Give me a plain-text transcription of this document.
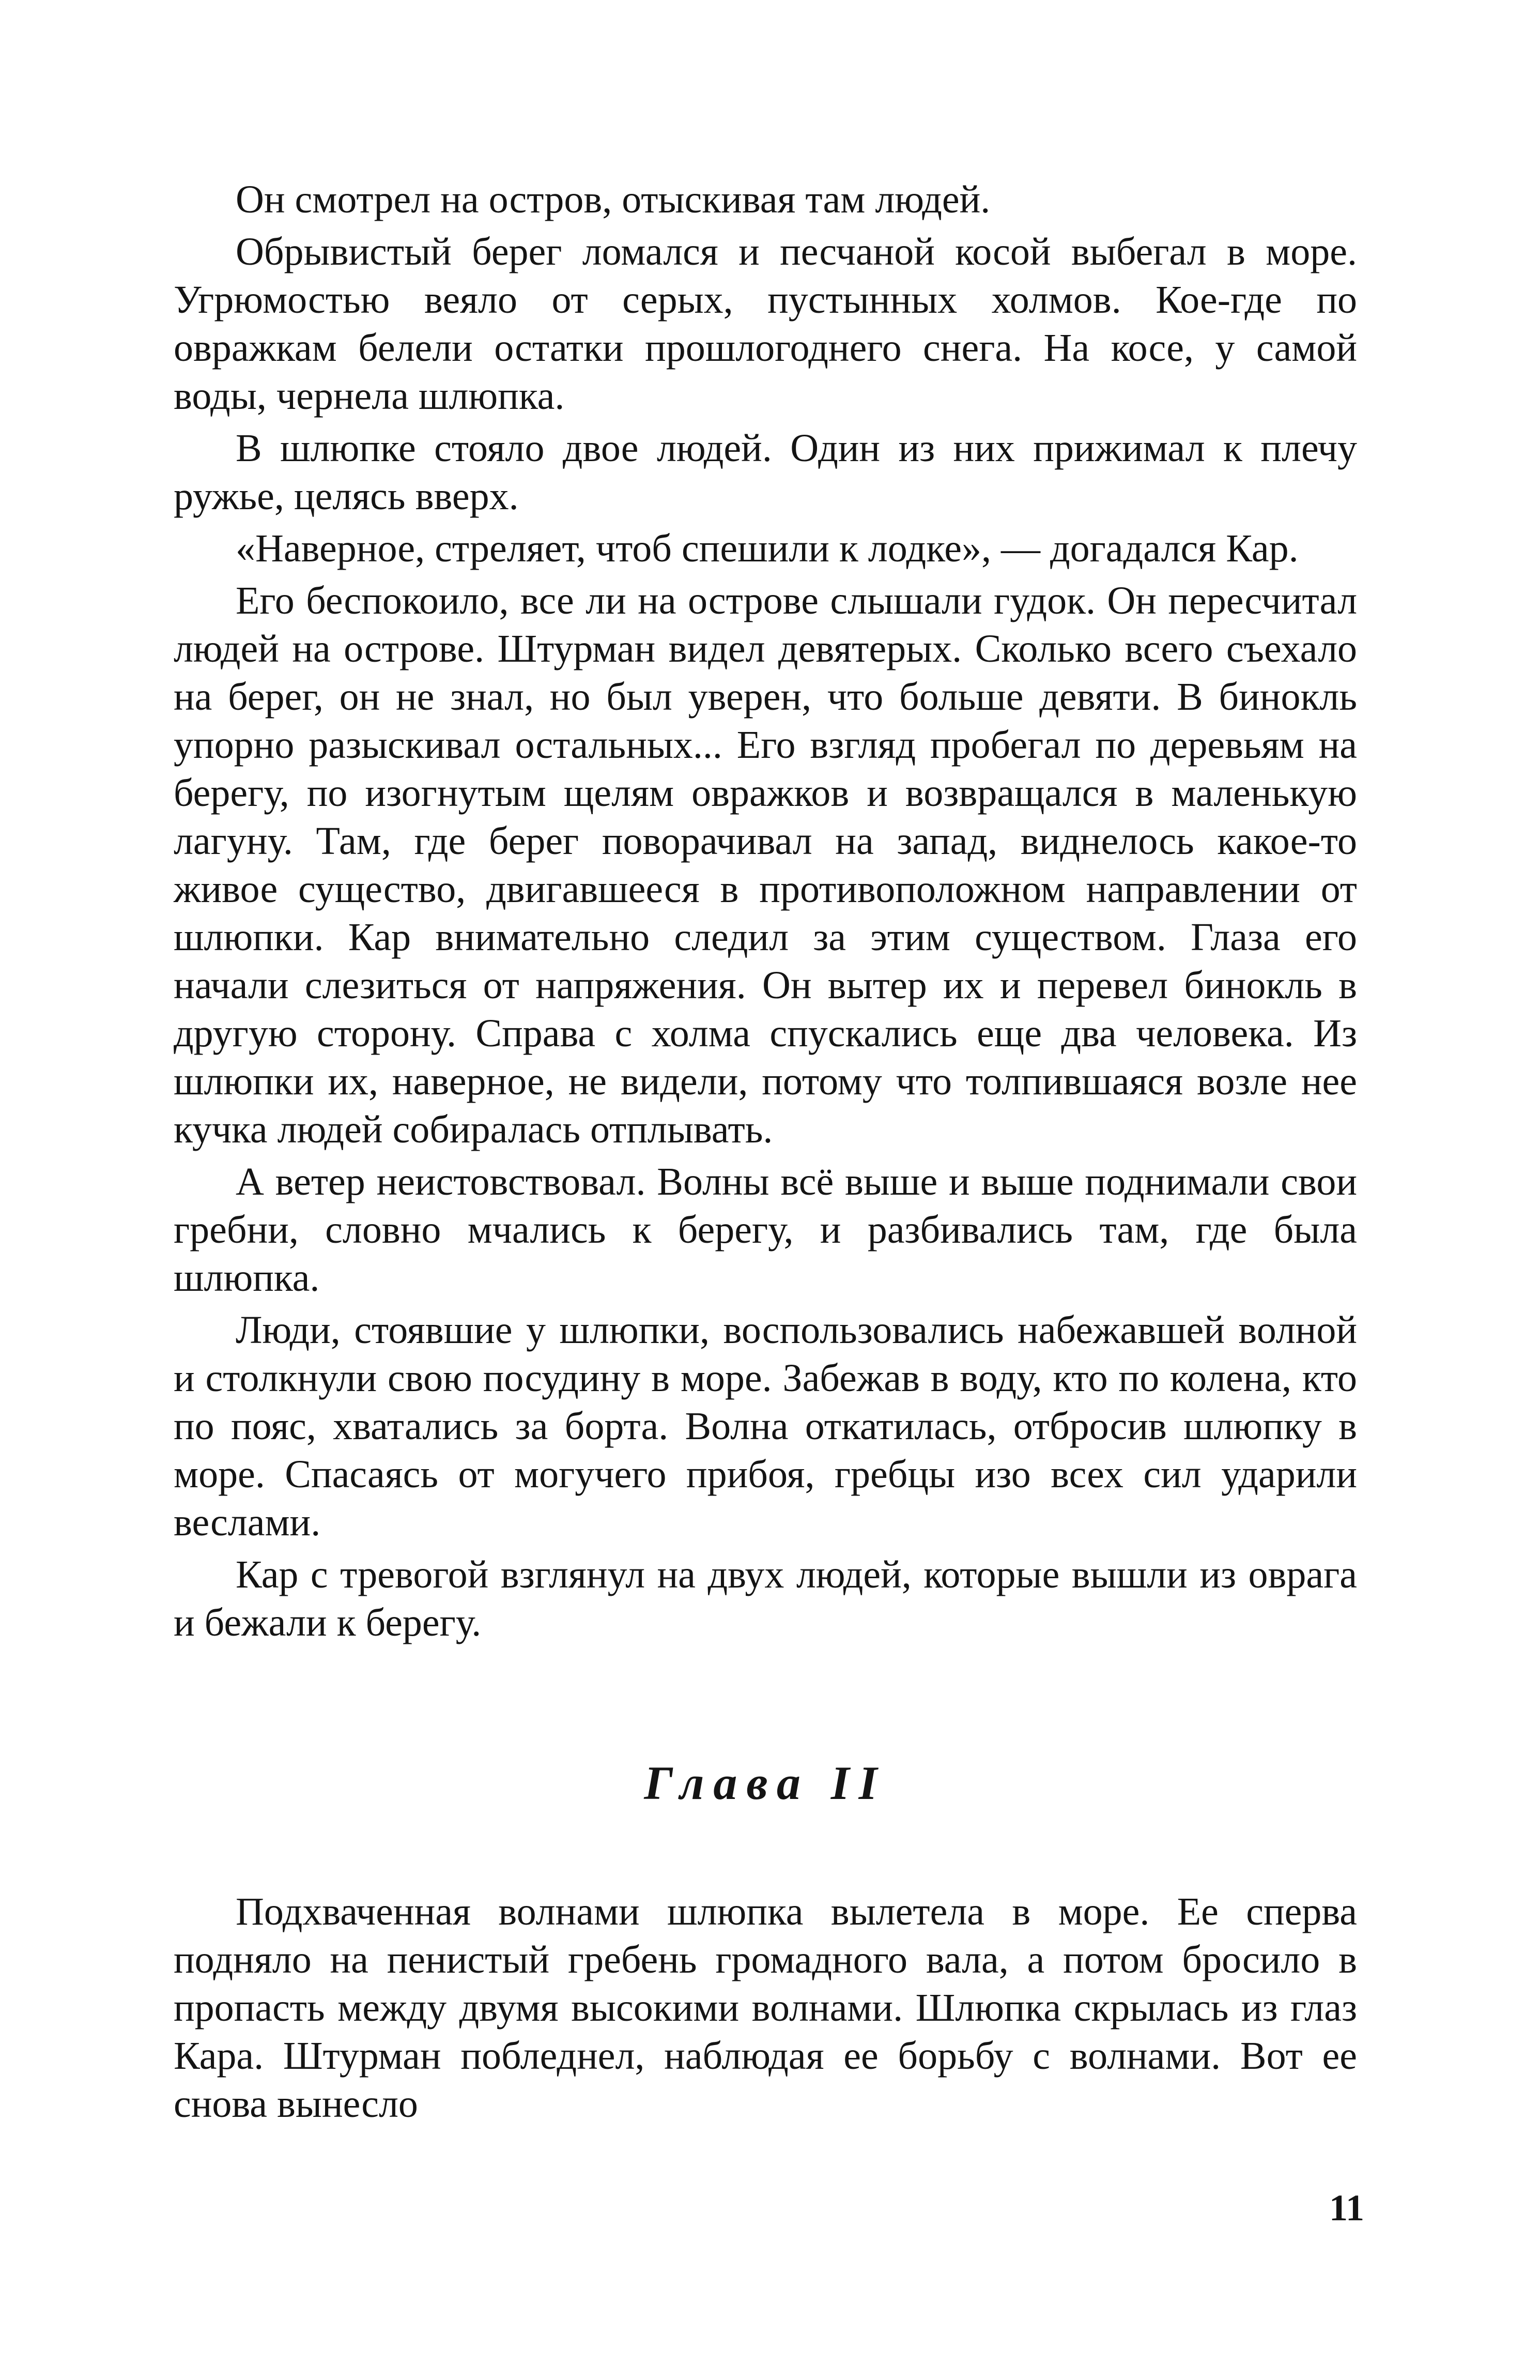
Он смотрел на остров, отыскивая там людей.

Обрывистый берег ломался и песчаной косой выбегал в море. Угрюмостью веяло от серых, пустынных холмов. Кое-где по овражкам белели остатки прошлогоднего снега. На косе, у самой воды, чернела шлюпка.

В шлюпке стояло двое людей. Один из них прижимал к плечу ружье, целясь вверх.

«Наверное, стреляет, чтоб спешили к лодке», — догадался Кар.

Его беспокоило, все ли на острове слышали гудок. Он пересчитал людей на острове. Штурман видел девятерых. Сколько всего съехало на берег, он не знал, но был уверен, что больше девяти. В бинокль упорно разыскивал остальных... Его взгляд пробегал по деревьям на берегу, по изогнутым щелям овражков и возвращался в маленькую лагуну. Там, где берег поворачивал на запад, виднелось какое-то живое существо, двигавшееся в противоположном направлении от шлюпки. Кар внимательно следил за этим существом. Глаза его начали слезиться от напряжения. Он вытер их и перевел бинокль в другую сторону. Справа с холма спускались еще два человека. Из шлюпки их, наверное, не видели, потому что толпившаяся возле нее кучка людей собиралась отплывать.

А ветер неистовствовал. Волны всё выше и выше поднимали свои гребни, словно мчались к берегу, и разбивались там, где была шлюпка.

Люди, стоявшие у шлюпки, воспользовались набежавшей волной и столкнули свою посудину в море. Забежав в воду, кто по колена, кто по пояс, хватались за борта. Волна откатилась, отбросив шлюпку в море. Спасаясь от могучего прибоя, гребцы изо всех сил ударили веслами.

Кар с тревогой взглянул на двух людей, которые вышли из оврага и бежали к берегу.

Глава II

Подхваченная волнами шлюпка вылетела в море. Ее сперва подняло на пенистый гребень громадного вала, а потом бросило в пропасть между двумя высокими волнами. Шлюпка скрылась из глаз Кара. Штурман побледнел, наблюдая ее борьбу с волнами. Вот ее снова вынесло

11
